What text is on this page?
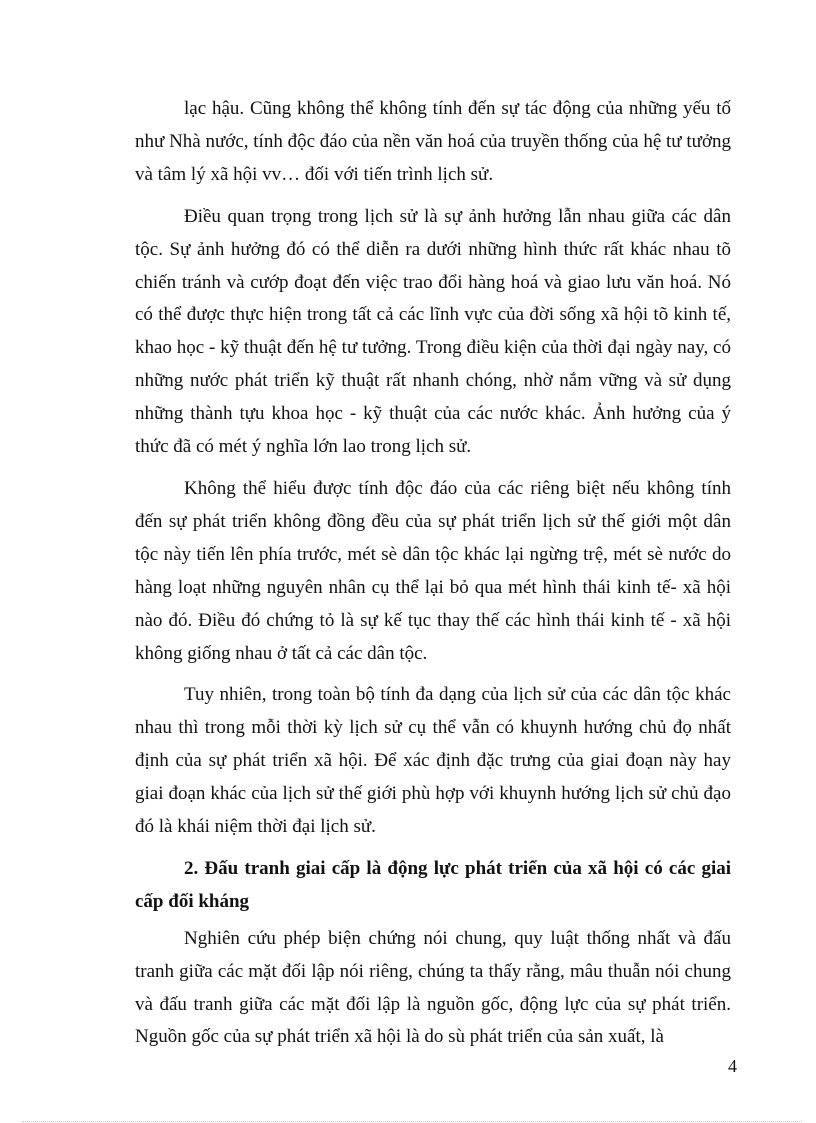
lạc hậu. Cũng không thể không tính đến sự tác động của những yếu tố như Nhà nước, tính độc đáo của nền văn hoá của truyền thống của hệ tư tưởng và tâm lý xã hội vv… đối với tiến trình lịch sử.

Điều quan trọng trong lịch sử là sự ảnh hưởng lẫn nhau giữa các dân tộc. Sự ảnh hưởng đó có thể diễn ra dưới những hình thức rất khác nhau tõ chiến tránh và cướp đoạt đến việc trao đổi hàng hoá và giao lưu văn hoá. Nó có thể được thực hiện trong tất cả các lĩnh vực của đời sống xã hội tõ kinh tế, khao học - kỹ thuật đến hệ tư tưởng. Trong điều kiện của thời đại ngày nay, có những nước phát triển kỹ thuật rất nhanh chóng, nhờ nắm vững và sử dụng những thành tựu khoa học - kỹ thuật của các nước khác. Ảnh hưởng của ý thức đã có mét ý nghĩa lớn lao trong lịch sử.

Không thể hiểu được tính độc đáo của các riêng biệt nếu không tính đến sự phát triển không đồng đều của sự phát triển lịch sử thế giới một dân tộc này tiến lên phía trước, mét sè dân tộc khác lại ngừng trệ, mét sè nước do hàng loạt những nguyên nhân cụ thể lại bỏ qua mét hình thái kinh tế- xã hội nào đó. Điều đó chứng tỏ là sự kế tục thay thế các hình thái kinh tế - xã hội không giống nhau ở tất cả các dân tộc.

Tuy nhiên, trong toàn bộ tính đa dạng của lịch sử của các dân tộc khác nhau thì trong mỗi thời kỳ lịch sử cụ thể vẫn có khuynh hướng chủ đọ nhất định của sự phát triển xã hội. Để xác định đặc trưng của giai đoạn này hay giai đoạn khác của lịch sử thế giới phù hợp với khuynh hướng lịch sử chủ đạo đó là khái niệm thời đại lịch sử.

2. Đấu tranh giai cấp là động lực phát triển của xã hội có các giai cấp đối kháng

Nghiên cứu phép biện chứng nói chung, quy luật thống nhất và đấu tranh giữa các mặt đối lập nói riêng, chúng ta thấy rằng, mâu thuẫn nói chung và đấu tranh giữa các mặt đối lập là nguồn gốc, động lực của sự phát triển. Nguồn gốc của sự phát triển xã hội là do sù phát triển của sản xuất, là

4
